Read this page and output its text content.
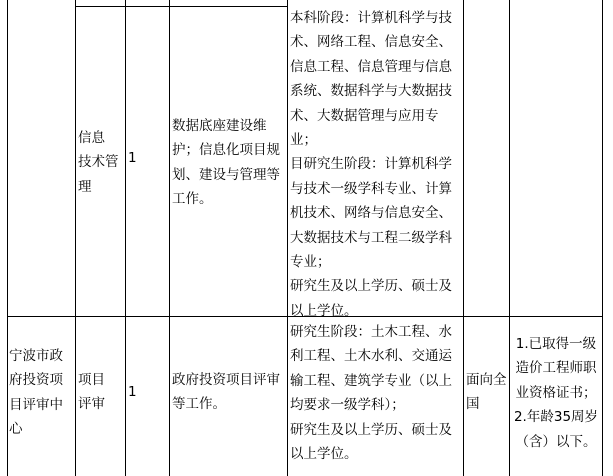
信息
技术管
理
1
数据底座建设维
护；信息化项目规
划、建设与管理等
工作。
本科阶段：计算机科学与技
术、网络工程、信息安全、
信息工程、信息管理与信息
系统、数据科学与大数据技
术、大数据管理与应用专
业；
目研究生阶段：计算机科学
与技术一级学科专业、计算
机技术、网络与信息安全、
大数据技术与工程二级学科
专业；
研究生及以上学历、硕士及
以上学位。
宁波市政
府投资项
目评审中
心
项目
评审
1
政府投资项目评审
等工作。
研究生阶段：土木工程、水
利工程、土木水利、交通运
输工程、建筑学专业（以上
均要求一级学科）；
研究生及以上学历、硕士及
以上学位。
面向全
国
1.已取得一级
造价工程师职
业资格证书；
2.年龄35周岁
（含）以下。
